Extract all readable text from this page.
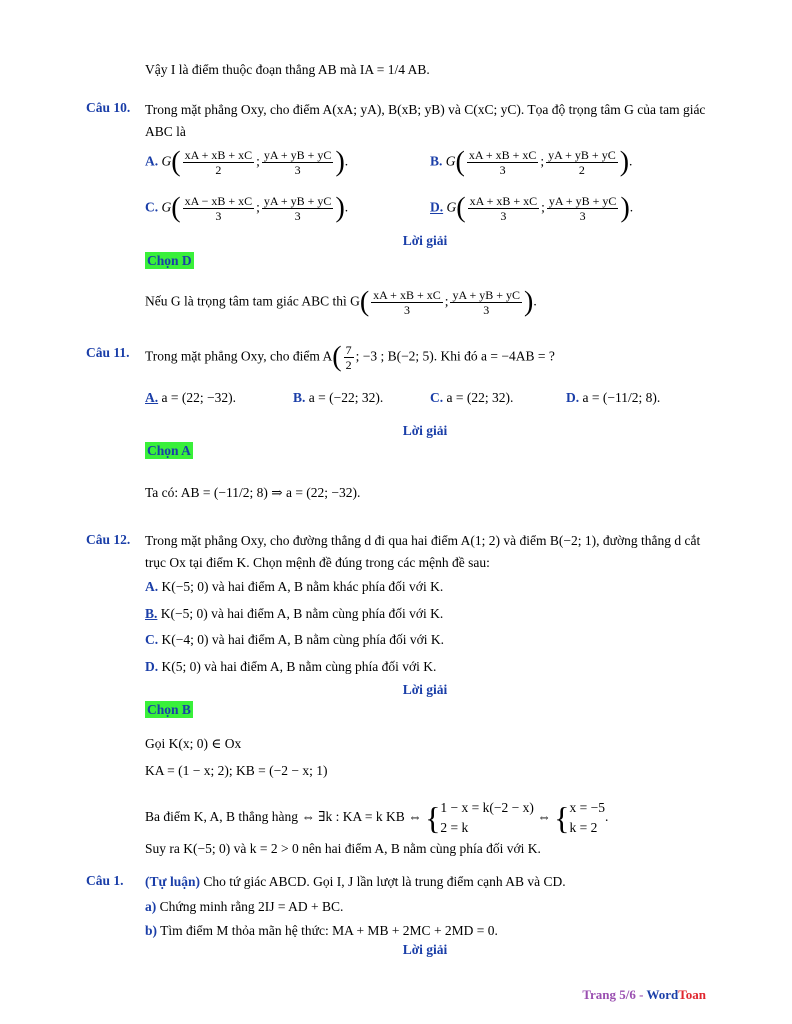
Vậy I là điểm thuộc đoạn thẳng AB mà IA = 1/4 AB.
Câu 10. Trong mặt phẳng Oxy, cho điểm A(xA; yA), B(xB; yB) và C(xC; yC). Tọa độ trọng tâm G của tam giác ABC là
A. $G( \frac{xA + xB + xC}{2}$ ; $\frac{yA + yB + yC}{3}$ ).	B. $G( \frac{xA + xB + xC}{3}$ ; $\frac{yA + yB + yC}{2}$ ).
C. $G( \frac{xA - xB + xC}{3}$ ; $\frac{yA + yB + yC}{3}$ ).	D. $G( \frac{xA + xB + xC}{3}$ ; $\frac{yA + yB + yC}{3}$ ).
Lời giải
Chọn D
Nếu G là trọng tâm tam giác ABC thì $G( \frac{xA + xB + xC}{3}$ ; $\frac{yA + yB + yC}{3}$ ).
Câu 11. Trong mặt phẳng Oxy, cho điểm $A( \frac{7}{2}$ ; −3 ; B(−2; 5). Khi đó a = −4AB = ?
A. a = (22; −32).	B. a = (−22; 32).	C. a = (22; 32).	D. a = (−11/2; 8).
Lời giải
Chọn A
Ta có: AB = (−11/2; 8) ⇒ a = (22; −32).
Câu 12. Trong mặt phẳng Oxy, cho đường thẳng d đi qua hai điểm A(1; 2) và điểm B(−2; 1), đường thẳng d cắt trục Ox tại điểm K. Chọn mệnh đề đúng trong các mệnh đề sau:
A. K(−5; 0) và hai điểm A, B nằm khác phía đối với K.
B. K(−5; 0) và hai điểm A, B nằm cùng phía đối với K.
C. K(−4; 0) và hai điểm A, B nằm cùng phía đối với K.
D. K(5; 0) và hai điểm A, B nằm cùng phía đối với K.
Lời giải
Chọn B
Gọi K(x; 0) ∈ Ox
KA = (1 − x; 2); KB = (−2 − x; 1)
Ba điểm K, A, B thẳng hàng ⇔ ∃k : KA = k KB ⇔ { 1 − x = k(−2 − x)
2 = k
⇔ { x = −5
k = 2
.
Suy ra K(−5; 0) và k = 2 > 0 nên hai điểm A, B nằm cùng phía đối với K.
Câu 1. (Tự luận) Cho tứ giác ABCD. Gọi I, J lần lượt là trung điểm cạnh AB và CD.
a) Chứng minh rằng 2IJ = AD + BC.
b) Tìm điểm M thỏa mãn hệ thức: MA + MB + 2MC + 2MD = 0.
Lời giải
Trang 5/6 - WordToan
